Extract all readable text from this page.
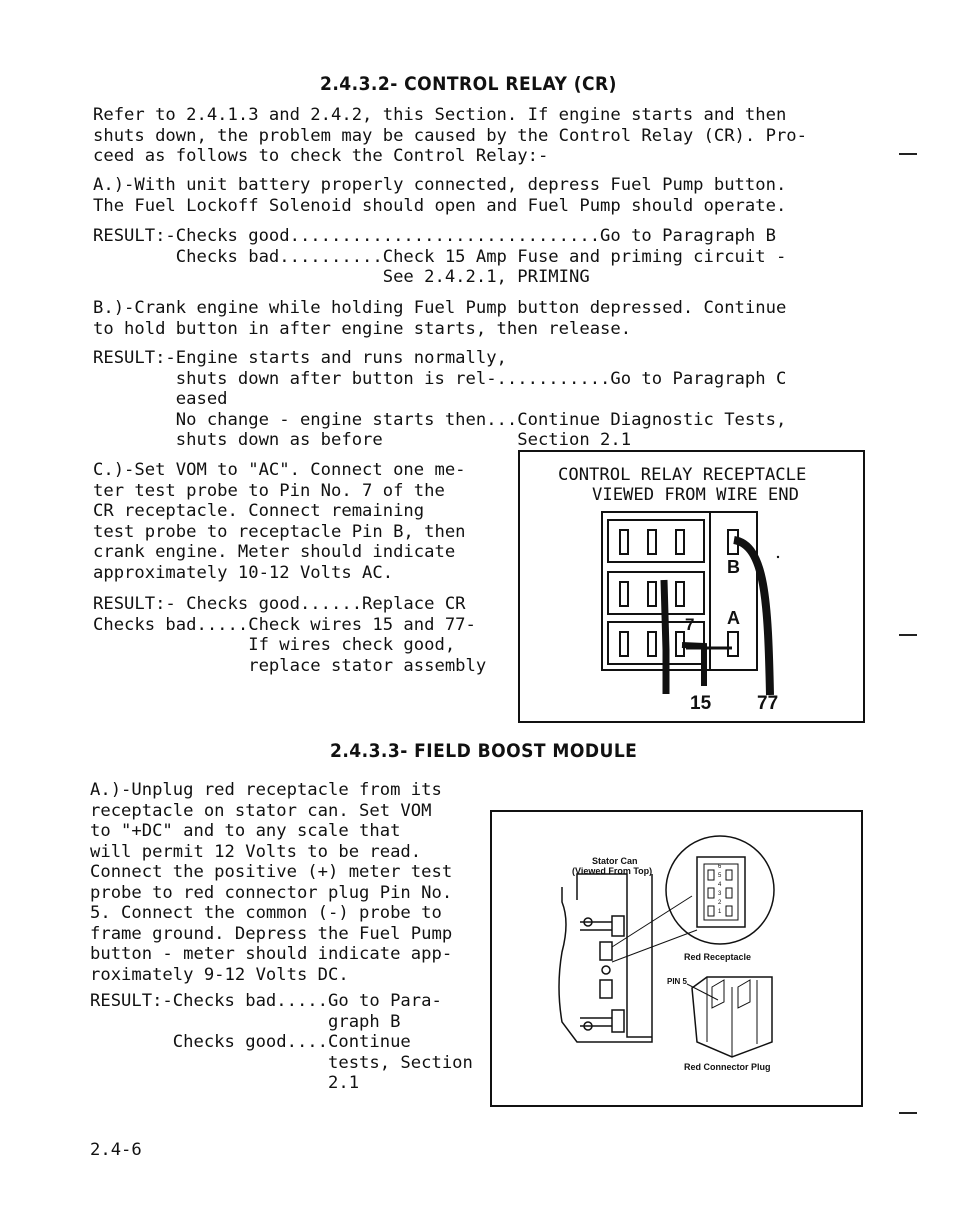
2.4.3.2- CONTROL RELAY (CR)
Refer to 2.4.1.3 and 2.4.2, this Section. If engine starts and then
shuts down, the problem may be caused by the Control Relay (CR). Pro-
ceed as follows to check the Control Relay:-
A.)-With unit battery properly connected, depress Fuel Pump button.
The Fuel Lockoff Solenoid should open and Fuel Pump should operate.
RESULT:-Checks good..............................Go to Paragraph B
Checks bad..........Check 15 Amp Fuse and priming circuit -
See 2.4.2.1, PRIMING
B.)-Crank engine while holding Fuel Pump button depressed. Continue
to hold button in after engine starts, then release.
RESULT:-Engine starts and runs normally,
shuts down after button is rel-...........Go to Paragraph C
eased
No change - engine starts then...Continue Diagnostic Tests,
shuts down as before             Section 2.1
C.)-Set VOM to "AC". Connect one me-
ter test probe to Pin No. 7 of the
CR receptacle. Connect remaining
test probe to receptacle Pin B, then
crank engine. Meter should indicate
approximately 10-12 Volts AC.
RESULT:- Checks good......Replace CR
Checks bad.....Check wires 15 and 77-
If wires check good,
replace stator assembly
CONTROL RELAY RECEPTACLE
VIEWED FROM WIRE END
B
A
7
15 77
2.4.3.3- FIELD BOOST MODULE
A.)-Unplug red receptacle from its
receptacle on stator can. Set VOM
to "+DC" and to any scale that
will permit 12 Volts to be read.
Connect the positive (+) meter test
probe to red connector plug Pin No.
5. Connect the common (-) probe to
frame ground. Depress the Fuel Pump
button - meter should indicate app-
roximately 9-12 Volts DC.
RESULT:-Checks bad.....Go to Para-
graph B
Checks good....Continue
tests, Section
2.1
Stator Can
(Viewed From Top)
Red Receptacle
PIN 5
Red Connector Plug
6
5
4
3
2
1
2.4-6
